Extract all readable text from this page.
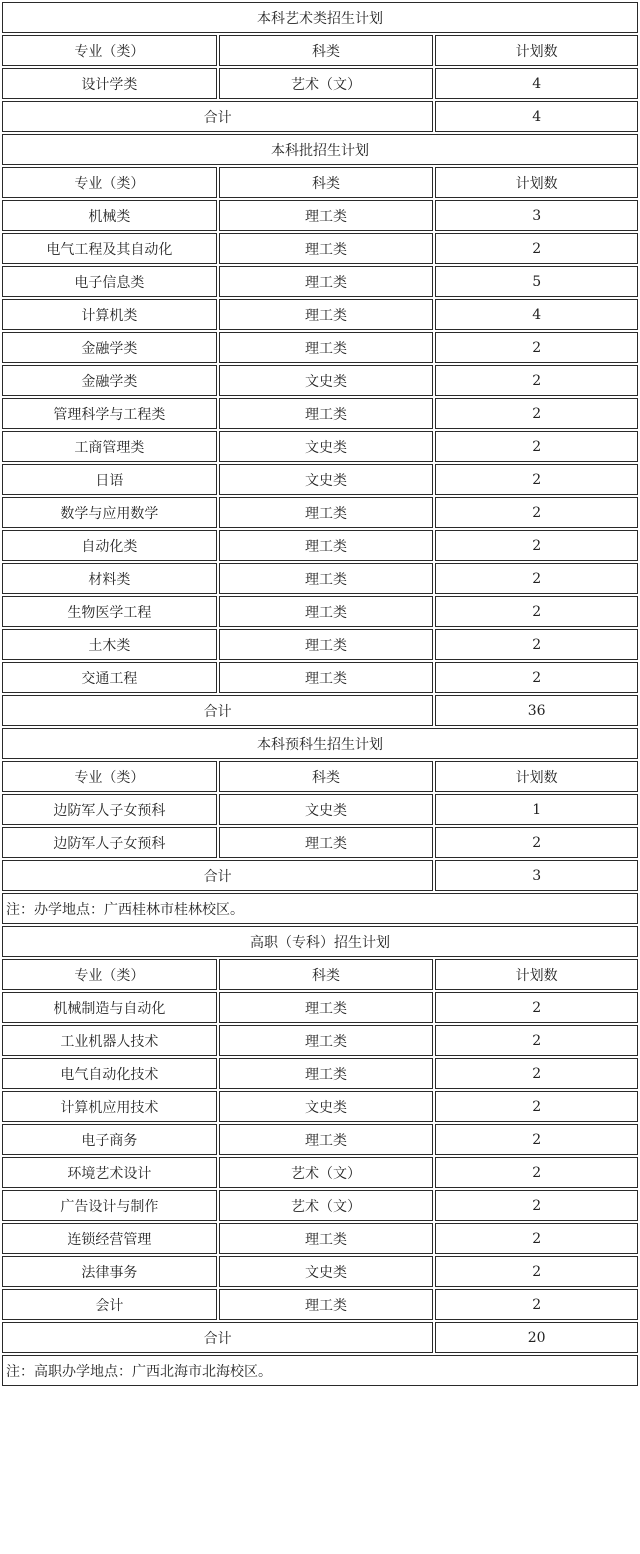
本科艺术类招生计划		
专业（类）	科类	计划数
设计学类	艺术（文）	4
合计		4
本科批招生计划		
专业（类）	科类	计划数
机械类	理工类	3
电气工程及其自动化	理工类	2
电子信息类	理工类	5
计算机类	理工类	4
金融学类	理工类	2
金融学类	文史类	2
管理科学与工程类	理工类	2
工商管理类	文史类	2
日语	文史类	2
数学与应用数学	理工类	2
自动化类	理工类	2
材料类	理工类	2
生物医学工程	理工类	2
土木类	理工类	2
交通工程	理工类	2
合计		36
本科预科生招生计划		
专业（类）	科类	计划数
边防军人子女预科	文史类	1
边防军人子女预科	理工类	2
合计		3
注：办学地点：广西桂林市桂林校区。		
高职（专科）招生计划		
专业（类）	科类	计划数
机械制造与自动化	理工类	2
工业机器人技术	理工类	2
电气自动化技术	理工类	2
计算机应用技术	文史类	2
电子商务	理工类	2
环境艺术设计	艺术（文）	2
广告设计与制作	艺术（文）	2
连锁经营管理	理工类	2
法律事务	文史类	2
会计	理工类	2
合计		20
注：高职办学地点：广西北海市北海校区。		
